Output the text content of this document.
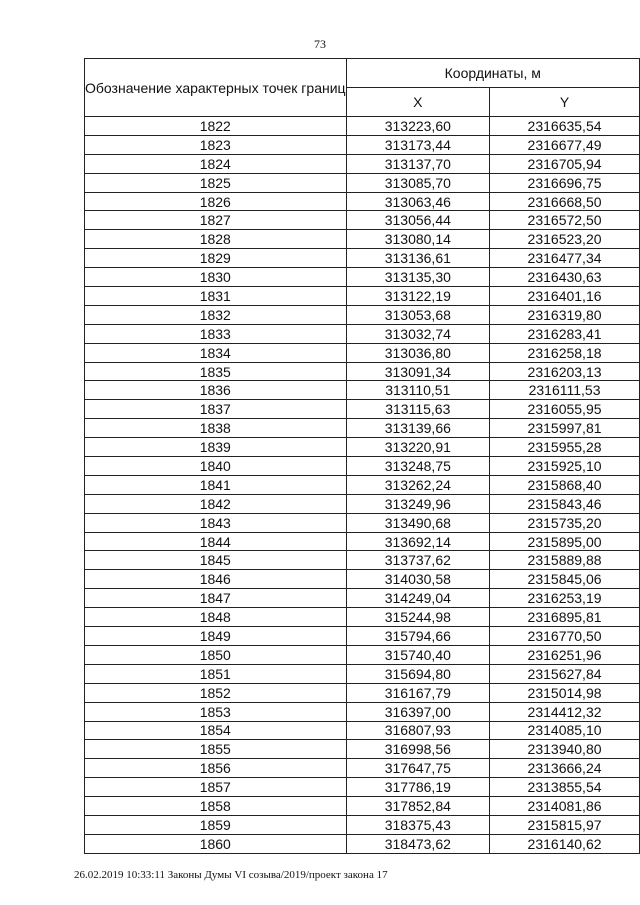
73
Обозначение характерных точек границ	Координаты, м	
	X	Y
1822	313223,60	2316635,54
1823	313173,44	2316677,49
1824	313137,70	2316705,94
1825	313085,70	2316696,75
1826	313063,46	2316668,50
1827	313056,44	2316572,50
1828	313080,14	2316523,20
1829	313136,61	2316477,34
1830	313135,30	2316430,63
1831	313122,19	2316401,16
1832	313053,68	2316319,80
1833	313032,74	2316283,41
1834	313036,80	2316258,18
1835	313091,34	2316203,13
1836	313110,51	2316111,53
1837	313115,63	2316055,95
1838	313139,66	2315997,81
1839	313220,91	2315955,28
1840	313248,75	2315925,10
1841	313262,24	2315868,40
1842	313249,96	2315843,46
1843	313490,68	2315735,20
1844	313692,14	2315895,00
1845	313737,62	2315889,88
1846	314030,58	2315845,06
1847	314249,04	2316253,19
1848	315244,98	2316895,81
1849	315794,66	2316770,50
1850	315740,40	2316251,96
1851	315694,80	2315627,84
1852	316167,79	2315014,98
1853	316397,00	2314412,32
1854	316807,93	2314085,10
1855	316998,56	2313940,80
1856	317647,75	2313666,24
1857	317786,19	2313855,54
1858	317852,84	2314081,86
1859	318375,43	2315815,97
1860	318473,62	2316140,62
26.02.2019 10:33:11 Законы Думы VI созыва/2019/проект закона 17
